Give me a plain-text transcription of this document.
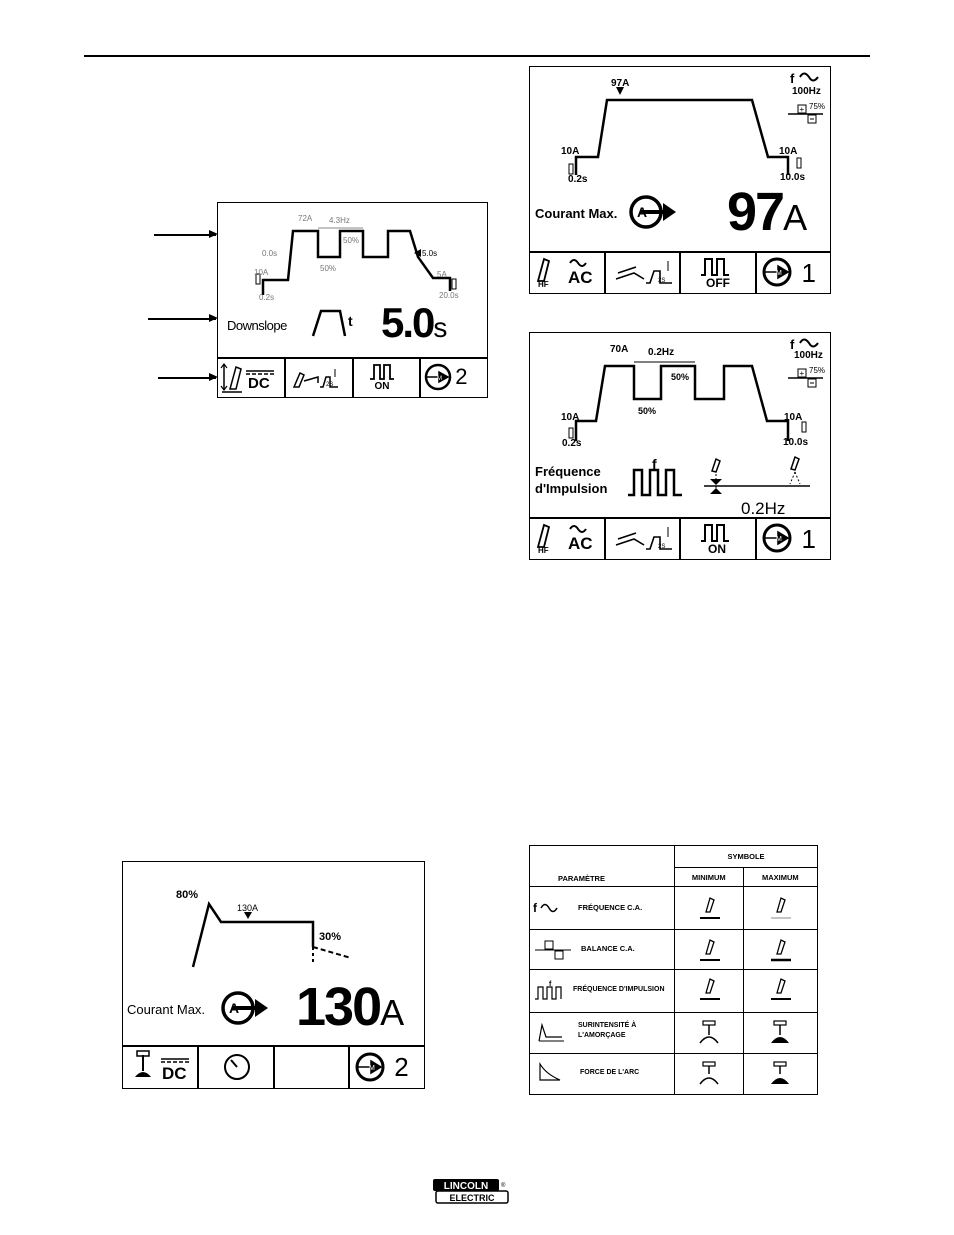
72A 4.3Hz
50%
50%
0.0s	5.0s
10A
0.2s
5A
20.0s
Downslope	t 5.0s
DC	2S	ON
M 2
+
97A	f
100Hz
75%
10A
0.2s
10A
10.0s
Courant Max. A 97A
HF AC	2S	OFF
M 1
+
70A 0.2Hz
50%
50%
f
100Hz
75%
10A
0.2s
10A
10.0s
Fréquence
d'Impulsion
f
0.2Hz
HF AC	2S	ON
M 1
80%
130A
30%
Courant Max. A 130A
DC	M 2
PARAMÈTRE	SYMBOLE	
	MINIMUM	MAXIMUM

f FRÉQUENCE C.A.

BALANCE C.A.

f
FRÉQUENCE D'IMPULSION

SURINTENSITÉ À
L'AMORÇAGE

FORCE DE L'ARC

LINCOLN
ELECTRIC
®
